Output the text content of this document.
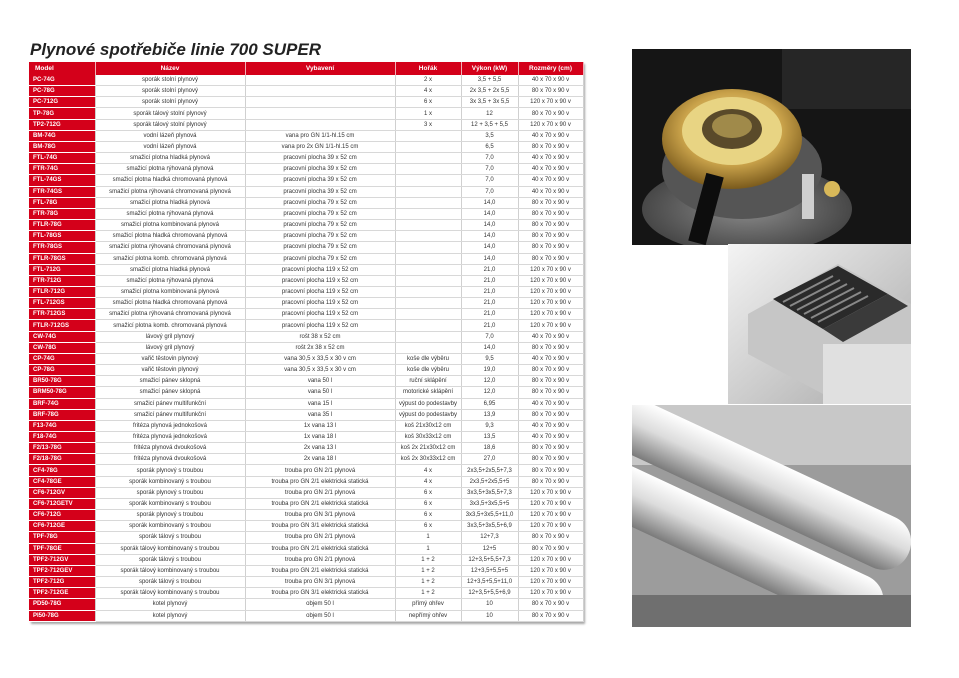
Plynové spotřebiče linie 700 SUPER
Model	Název	Vybavení	Hořák	Výkon (kW)	Rozměry (cm)
PC-74G	sporák stolní plynový		2 x	3,5 + 5,5	40 x 70 x 90 v
PC-78G	sporák stolní plynový		4 x	2x 3,5 + 2x 5,5	80 x 70 x 90 v
PC-712G	sporák stolní plynový		6 x	3x 3,5 + 3x 5,5	120 x 70 x 90 v
TP-78G	sporák tálový stolní plynový		1 x	12	80 x 70 x 90 v
TP2-712G	sporák tálový stolní plynový		3 x	12 + 3,5 + 5,5	120 x 70 x 90 v
BM-74G	vodní lázeň plynová	vana pro GN 1/1-hl.15 cm		3,5	40 x 70 x 90 v
BM-78G	vodní lázeň plynová	vana pro 2x GN 1/1-hl.15 cm		6,5	80 x 70 x 90 v
FTL-74G	smažicí plotna hladká plynová	pracovní plocha 39 x 52 cm		7,0	40 x 70 x 90 v
FTR-74G	smažicí plotna rýhovaná plynová	pracovní plocha 39 x 52 cm		7,0	40 x 70 x 90 v
FTL-74GS	smažicí plotna hladká chromovaná plynová	pracovní plocha 39 x 52 cm		7,0	40 x 70 x 90 v
FTR-74GS	smažicí plotna rýhovaná chromovaná plynová	pracovní plocha 39 x 52 cm		7,0	40 x 70 x 90 v
FTL-78G	smažicí plotna hladká plynová	pracovní plocha 79 x 52 cm		14,0	80 x 70 x 90 v
FTR-78G	smažicí plotna rýhovaná plynová	pracovní plocha 79 x 52 cm		14,0	80 x 70 x 90 v
FTLR-78G	smažicí plotna kombinovaná plynová	pracovní plocha 79 x 52 cm		14,0	80 x 70 x 90 v
FTL-78GS	smažicí plotna hladká chromovaná plynová	pracovní plocha 79 x 52 cm		14,0	80 x 70 x 90 v
FTR-78GS	smažicí plotna rýhovaná chromovaná plynová	pracovní plocha 79 x 52 cm		14,0	80 x 70 x 90 v
FTLR-78GS	smažicí plotna komb. chromovaná plynová	pracovní plocha 79 x 52 cm		14,0	80 x 70 x 90 v
FTL-712G	smažicí plotna hladká plynová	pracovní plocha 119 x 52 cm		21,0	120 x 70 x 90 v
FTR-712G	smažicí plotna rýhovaná plynová	pracovní plocha 119 x 52 cm		21,0	120 x 70 x 90 v
FTLR-712G	smažicí plotna kombinovaná plynová	pracovní plocha 119 x 52 cm		21,0	120 x 70 x 90 v
FTL-712GS	smažicí plotna hladká chromovaná plynová	pracovní plocha 119 x 52 cm		21,0	120 x 70 x 90 v
FTR-712GS	smažicí plotna rýhovaná chromovaná plynová	pracovní plocha 119 x 52 cm		21,0	120 x 70 x 90 v
FTLR-712GS	smažicí plotna komb. chromovaná plynová	pracovní plocha 119 x 52 cm		21,0	120 x 70 x 90 v
CW-74G	lávový gril plynový	rošt 38 x 52 cm		7,0	40 x 70 x 90 v
CW-78G	lávový gril plynový	rošt 2x 38 x 52 cm		14,0	80 x 70 x 90 v
CP-74G	vařič těstovin plynový	vana 30,5 x 33,5 x 30 v cm	koše dle výběru	9,5	40 x 70 x 90 v
CP-78G	vařič těstovin plynový	vana 30,5 x 33,5 x 30 v cm	koše dle výběru	19,0	80 x 70 x 90 v
BR50-78G	smažicí pánev sklopná	vana 50 l	ruční sklápění	12,0	80 x 70 x 90 v
BRM50-78G	smažicí pánev sklopná	vana 50 l	motorické sklápění	12,0	80 x 70 x 90 v
BRF-74G	smažicí pánev multifunkční	vana 15 l	výpust do podestavby	6,95	40 x 70 x 90 v
BRF-78G	smažicí pánev multifunkční	vana 35 l	výpust do podestavby	13,9	80 x 70 x 90 v
F13-74G	fritéza plynová jednokošová	1x vana 13 l	koš 21x30x12 cm	9,3	40 x 70 x 90 v
F18-74G	fritéza plynová jednokošová	1x vana 18 l	koš 30x33x12 cm	13,5	40 x 70 x 90 v
F2/13-78G	fritéza plynová dvoukošová	2x vana 13 l	koš 2x 21x30x12 cm	18,6	80 x 70 x 90 v
F2/18-78G	fritéza plynová dvoukošová	2x vana 18 l	koš 2x 30x33x12 cm	27,0	80 x 70 x 90 v
CF4-78G	sporák plynový s troubou	trouba pro GN 2/1 plynová	4 x	2x3,5+2x5,5+7,3	80 x 70 x 90 v
CF4-78GE	sporák kombinovaný s troubou	trouba pro GN 2/1 elektrická statická	4 x	2x3,5+2x5,5+5	80 x 70 x 90 v
CF6-712GV	sporák plynový s troubou	trouba pro GN 2/1 plynová	6 x	3x3,5+3x5,5+7,3	120 x 70 x 90 v
CF6-712GETV	sporák kombinovaný s troubou	trouba pro GN 2/1 elektrická statická	6 x	3x3,5+3x5,5+5	120 x 70 x 90 v
CF6-712G	sporák plynový s troubou	trouba pro GN 3/1 plynová	6 x	3x3,5+3x5,5+11,0	120 x 70 x 90 v
CF6-712GE	sporák kombinovaný s troubou	trouba pro GN 3/1 elektrická statická	6 x	3x3,5+3x5,5+6,9	120 x 70 x 90 v
TPF-78G	sporák tálový s troubou	trouba pro GN 2/1 plynová	1	12+7,3	80 x 70 x 90 v
TPF-78GE	sporák tálový kombinovaný s troubou	trouba pro GN 2/1 elektrická statická	1	12+5	80 x 70 x 90 v
TPF2-712GV	sporák tálový s troubou	trouba pro GN 2/1 plynová	1 + 2	12+3,5+5,5+7,3	120 x 70 x 90 v
TPF2-712GEV	sporák tálový kombinovaný s troubou	trouba pro GN 2/1 elektrická statická	1 + 2	12+3,5+5,5+5	120 x 70 x 90 v
TPF2-712G	sporák tálový s troubou	trouba pro GN 3/1 plynová	1 + 2	12+3,5+5,5+11,0	120 x 70 x 90 v
TPF2-712GE	sporák tálový kombinovaný s troubou	trouba pro GN 3/1 elektrická statická	1 + 2	12+3,5+5,5+6,9	120 x 70 x 90 v
PD50-78G	kotel plynový	objem 50 l	přímý ohřev	10	80 x 70 x 90 v
PI50-78G	kotel plynový	objem 50 l	nepřímý ohřev	10	80 x 70 x 90 v
